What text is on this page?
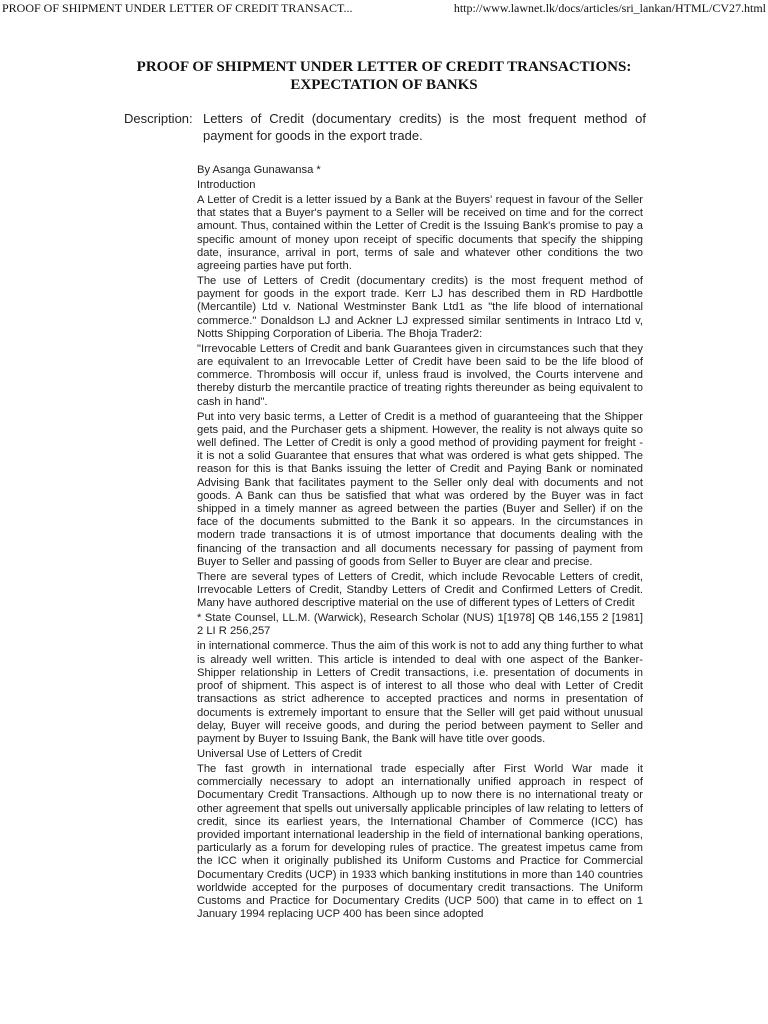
PROOF OF SHIPMENT UNDER LETTER OF CREDIT TRANSACT...	http://www.lawnet.lk/docs/articles/sri_lankan/HTML/CV27.html
PROOF OF SHIPMENT UNDER LETTER OF CREDIT TRANSACTIONS:
EXPECTATION OF BANKS
Description: Letters of Credit (documentary credits) is the most frequent method of payment for goods in the export trade.
By Asanga Gunawansa *
Introduction
A Letter of Credit is a letter issued by a Bank at the Buyers' request in favour of the Seller that states that a Buyer's payment to a Seller will be received on time and for the correct amount. Thus, contained within the Letter of Credit is the Issuing Bank's promise to pay a specific amount of money upon receipt of specific documents that specify the shipping date, insurance, arrival in port, terms of sale and whatever other conditions the two agreeing parties have put forth.
The use of Letters of Credit (documentary credits) is the most frequent method of payment for goods in the export trade. Kerr LJ has described them in RD Hardbottle (Mercantile) Ltd v. National Westminster Bank Ltd1 as "the life blood of international commerce." Donaldson LJ and Ackner LJ expressed similar sentiments in Intraco Ltd v, Notts Shipping Corporation of Liberia. The Bhoja Trader2:
"Irrevocable Letters of Credit and bank Guarantees given in circumstances such that they are equivalent to an Irrevocable Letter of Credit have been said to be the life blood of commerce. Thrombosis will occur if, unless fraud is involved, the Courts intervene and thereby disturb the mercantile practice of treating rights thereunder as being equivalent to cash in hand".
Put into very basic terms, a Letter of Credit is a method of guaranteeing that the Shipper gets paid, and the Purchaser gets a shipment. However, the reality is not always quite so well defined. The Letter of Credit is only a good method of providing payment for freight - it is not a solid Guarantee that ensures that what was ordered is what gets shipped. The reason for this is that Banks issuing the letter of Credit and Paying Bank or nominated Advising Bank that facilitates payment to the Seller only deal with documents and not goods. A Bank can thus be satisfied that what was ordered by the Buyer was in fact shipped in a timely manner as agreed between the parties (Buyer and Seller) if on the face of the documents submitted to the Bank it so appears. In the circumstances in modern trade transactions it is of utmost importance that documents dealing with the financing of the transaction and all documents necessary for passing of payment from Buyer to Seller and passing of goods from Seller to Buyer are clear and precise.
There are several types of Letters of Credit, which include Revocable Letters of credit, Irrevocable Letters of Credit, Standby Letters of Credit and Confirmed Letters of Credit. Many have authored descriptive material on the use of different types of Letters of Credit
* State Counsel, LL.M. (Warwick), Research Scholar (NUS) 1[1978] QB 146,155 2 [1981] 2 LI R 256,257
in international commerce. Thus the aim of this work is not to add any thing further to what is already well written. This article is intended to deal with one aspect of the Banker-Shipper relationship in Letters of Credit transactions, i.e. presentation of documents in proof of shipment. This aspect is of interest to all those who deal with Letter of Credit transactions as strict adherence to accepted practices and norms in presentation of documents is extremely important to ensure that the Seller will get paid without unusual delay, Buyer will receive goods, and during the period between payment to Seller and payment by Buyer to Issuing Bank, the Bank will have title over goods.
Universal Use of Letters of Credit
The fast growth in international trade especially after First World War made it commercially necessary to adopt an internationally unified approach in respect of Documentary Credit Transactions. Although up to now there is no international treaty or other agreement that spells out universally applicable principles of law relating to letters of credit, since its earliest years, the International Chamber of Commerce (ICC) has provided important international leadership in the field of international banking operations, particularly as a forum for developing rules of practice. The greatest impetus came from the ICC when it originally published its Uniform Customs and Practice for Commercial Documentary Credits (UCP) in 1933 which banking institutions in more than 140 countries worldwide accepted for the purposes of documentary credit transactions. The Uniform Customs and Practice for Documentary Credits (UCP 500) that came in to effect on 1 January 1994 replacing UCP 400 has been since adopted
